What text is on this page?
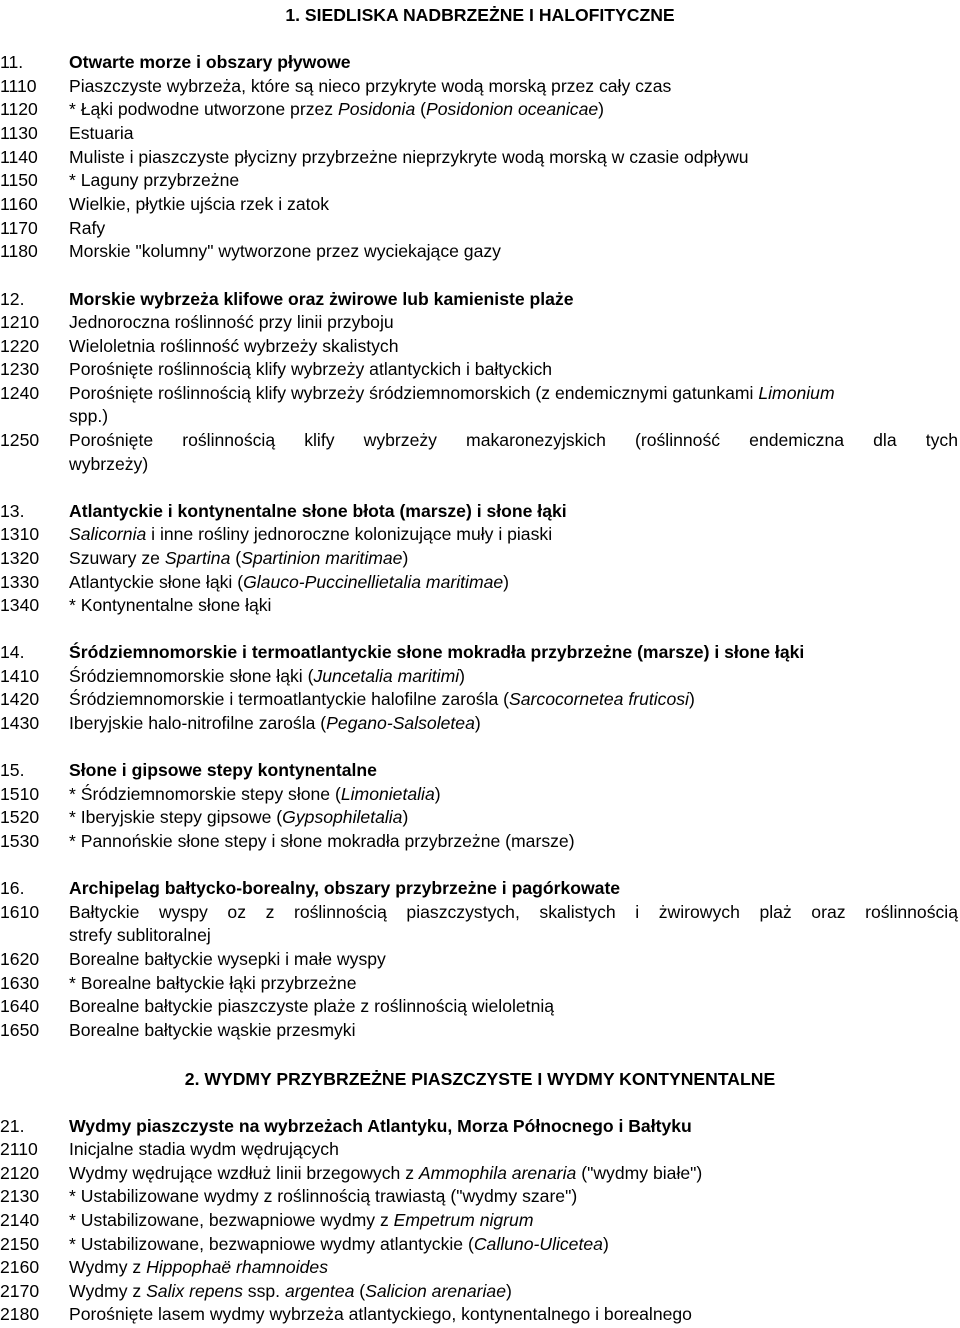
1. SIEDLISKA NADBRZEŻNE I HALOFITYCZNE
11.	Otwarte morze i obszary pływowe
1110 Piaszczyste wybrzeża, które są nieco przykryte wodą morską przez cały czas
1120 * Łąki podwodne utworzone przez Posidonia (Posidonion oceanicae)
1130 Estuaria
1140 Muliste i piaszczyste płycizny przybrzeżne nieprzykryte wodą morską w czasie odpływu
1150 * Laguny przybrzeżne
1160 Wielkie, płytkie ujścia rzek i zatok
1170 Rafy
1180 Morskie "kolumny" wytworzone przez wyciekające gazy
12.	Morskie wybrzeża klifowe oraz żwirowe lub kamieniste plaże
1210 Jednoroczna roślinność przy linii przyboju
1220 Wieloletnia roślinność wybrzeży skalistych
1230 Porośnięte roślinnością klify wybrzeży atlantyckich i bałtyckich
1240 Porośnięte roślinnością klify wybrzeży śródziemnomorskich (z endemicznymi gatunkami Limonium
spp.)
1250 Porośnięte roślinnością klify wybrzeży makaronezyjskich (roślinność endemiczna dla tych
wybrzeży)
13.	Atlantyckie i kontynentalne słone błota (marsze) i słone łąki
1310 Salicornia i inne rośliny jednoroczne kolonizujące muły i piaski
1320 Szuwary ze Spartina (Spartinion maritimae)
1330 Atlantyckie słone łąki (Glauco-Puccinellietalia maritimae)
1340 * Kontynentalne słone łąki
14.	Śródziemnomorskie i termoatlantyckie słone mokradła przybrzeżne (marsze) i słone łąki
1410 Śródziemnomorskie słone łąki (Juncetalia maritimi)
1420 Śródziemnomorskie i termoatlantyckie halofilne zarośla (Sarcocornetea fruticosi)
1430 Iberyjskie halo-nitrofilne zarośla (Pegano-Salsoletea)
15.	Słone i gipsowe stepy kontynentalne
1510 * Śródziemnomorskie stepy słone (Limonietalia)
1520 * Iberyjskie stepy gipsowe (Gypsophiletalia)
1530 * Pannońskie słone stepy i słone mokradła przybrzeżne (marsze)
16.	Archipelag bałtycko-borealny, obszary przybrzeżne i pagórkowate
1610 Bałtyckie wyspy oz z roślinnością piaszczystych, skalistych i żwirowych plaż oraz roślinnością
strefy sublitoralnej
1620 Borealne bałtyckie wysepki i małe wyspy
1630 * Borealne bałtyckie łąki przybrzeżne
1640 Borealne bałtyckie piaszczyste plaże z roślinnością wieloletnią
1650 Borealne bałtyckie wąskie przesmyki
2. WYDMY PRZYBRZEŻNE PIASZCZYSTE I WYDMY KONTYNENTALNE
21.	Wydmy piaszczyste na wybrzeżach Atlantyku, Morza Północnego i Bałtyku
2110 Inicjalne stadia wydm wędrujących
2120 Wydmy wędrujące wzdłuż linii brzegowych z Ammophila arenaria ("wydmy białe")
2130 * Ustabilizowane wydmy z roślinnością trawiastą ("wydmy szare")
2140 * Ustabilizowane, bezwapniowe wydmy z Empetrum nigrum
2150 * Ustabilizowane, bezwapniowe wydmy atlantyckie (Calluno-Ulicetea)
2160 Wydmy z Hippophaë rhamnoides
2170 Wydmy z Salix repens ssp. argentea (Salicion arenariae)
2180 Porośnięte lasem wydmy wybrzeża atlantyckiego, kontynentalnego i borealnego
